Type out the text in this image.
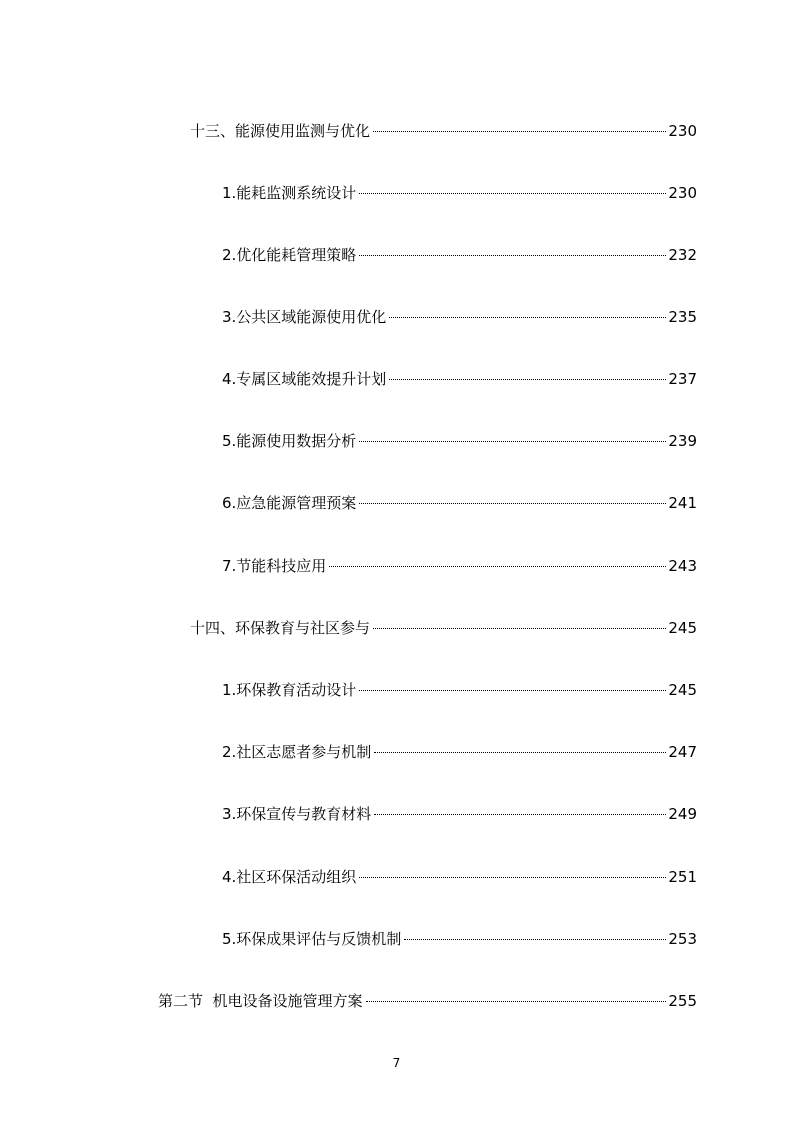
十三、能源使用监测与优化	230
1.能耗监测系统设计	230
2.优化能耗管理策略	232
3.公共区域能源使用优化	235
4.专属区域能效提升计划	237
5.能源使用数据分析	239
6.应急能源管理预案	241
7.节能科技应用	243
十四、环保教育与社区参与	245
1.环保教育活动设计	245
2.社区志愿者参与机制	247
3.环保宣传与教育材料	249
4.社区环保活动组织	251
5.环保成果评估与反馈机制	253
第二节  机电设备设施管理方案	255
7
